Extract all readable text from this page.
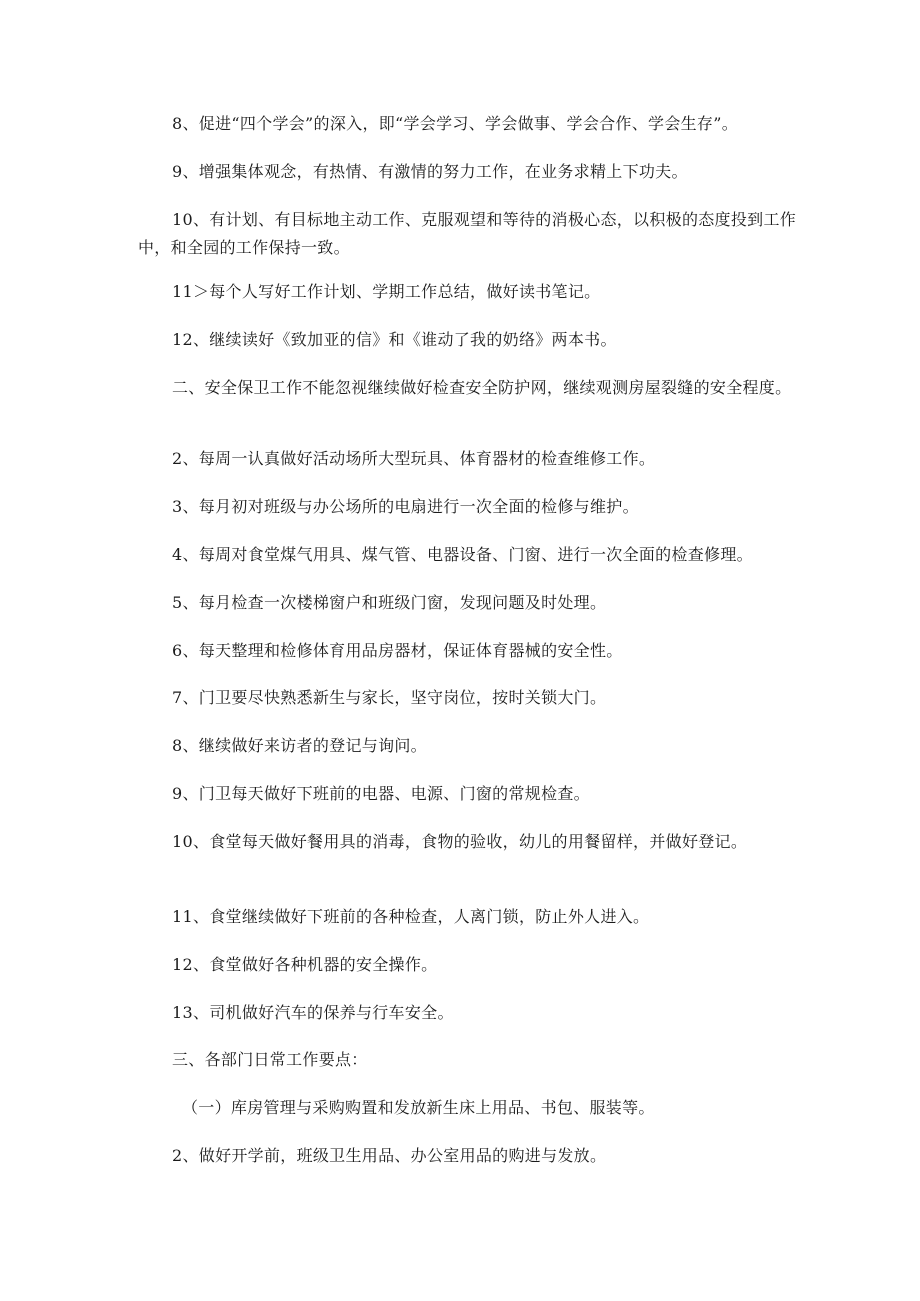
8、促进“四个学会”的深入，即“学会学习、学会做事、学会合作、学会生存”。

9、增强集体观念，有热情、有激情的努力工作，在业务求精上下功夫。

10、有计划、有目标地主动工作、克服观望和等待的消极心态，以积极的态度投到工作中，和全园的工作保持一致。

11＞每个人写好工作计划、学期工作总结，做好读书笔记。

12、继续读好《致加亚的信》和《谁动了我的奶络》两本书。

二、安全保卫工作不能忽视继续做好检查安全防护网，继续观测房屋裂缝的安全程度。

2、每周一认真做好活动场所大型玩具、体育器材的检查维修工作。

3、每月初对班级与办公场所的电扇进行一次全面的检修与维护。

4、每周对食堂煤气用具、煤气管、电器设备、门窗、进行一次全面的检查修理。

5、每月检查一次楼梯窗户和班级门窗，发现问题及时处理。

6、每天整理和检修体育用品房器材，保证体育器械的安全性。

7、门卫要尽快熟悉新生与家长，坚守岗位，按时关锁大门。

8、继续做好来访者的登记与询问。

9、门卫每天做好下班前的电器、电源、门窗的常规检查。

10、食堂每天做好餐用具的消毒，食物的验收，幼儿的用餐留样，并做好登记。

11、食堂继续做好下班前的各种检查，人离门锁，防止外人进入。

12、食堂做好各种机器的安全操作。

13、司机做好汽车的保养与行车安全。

三、各部门日常工作要点：

（一）库房管理与采购购置和发放新生床上用品、书包、服装等。

2、做好开学前，班级卫生用品、办公室用品的购进与发放。
